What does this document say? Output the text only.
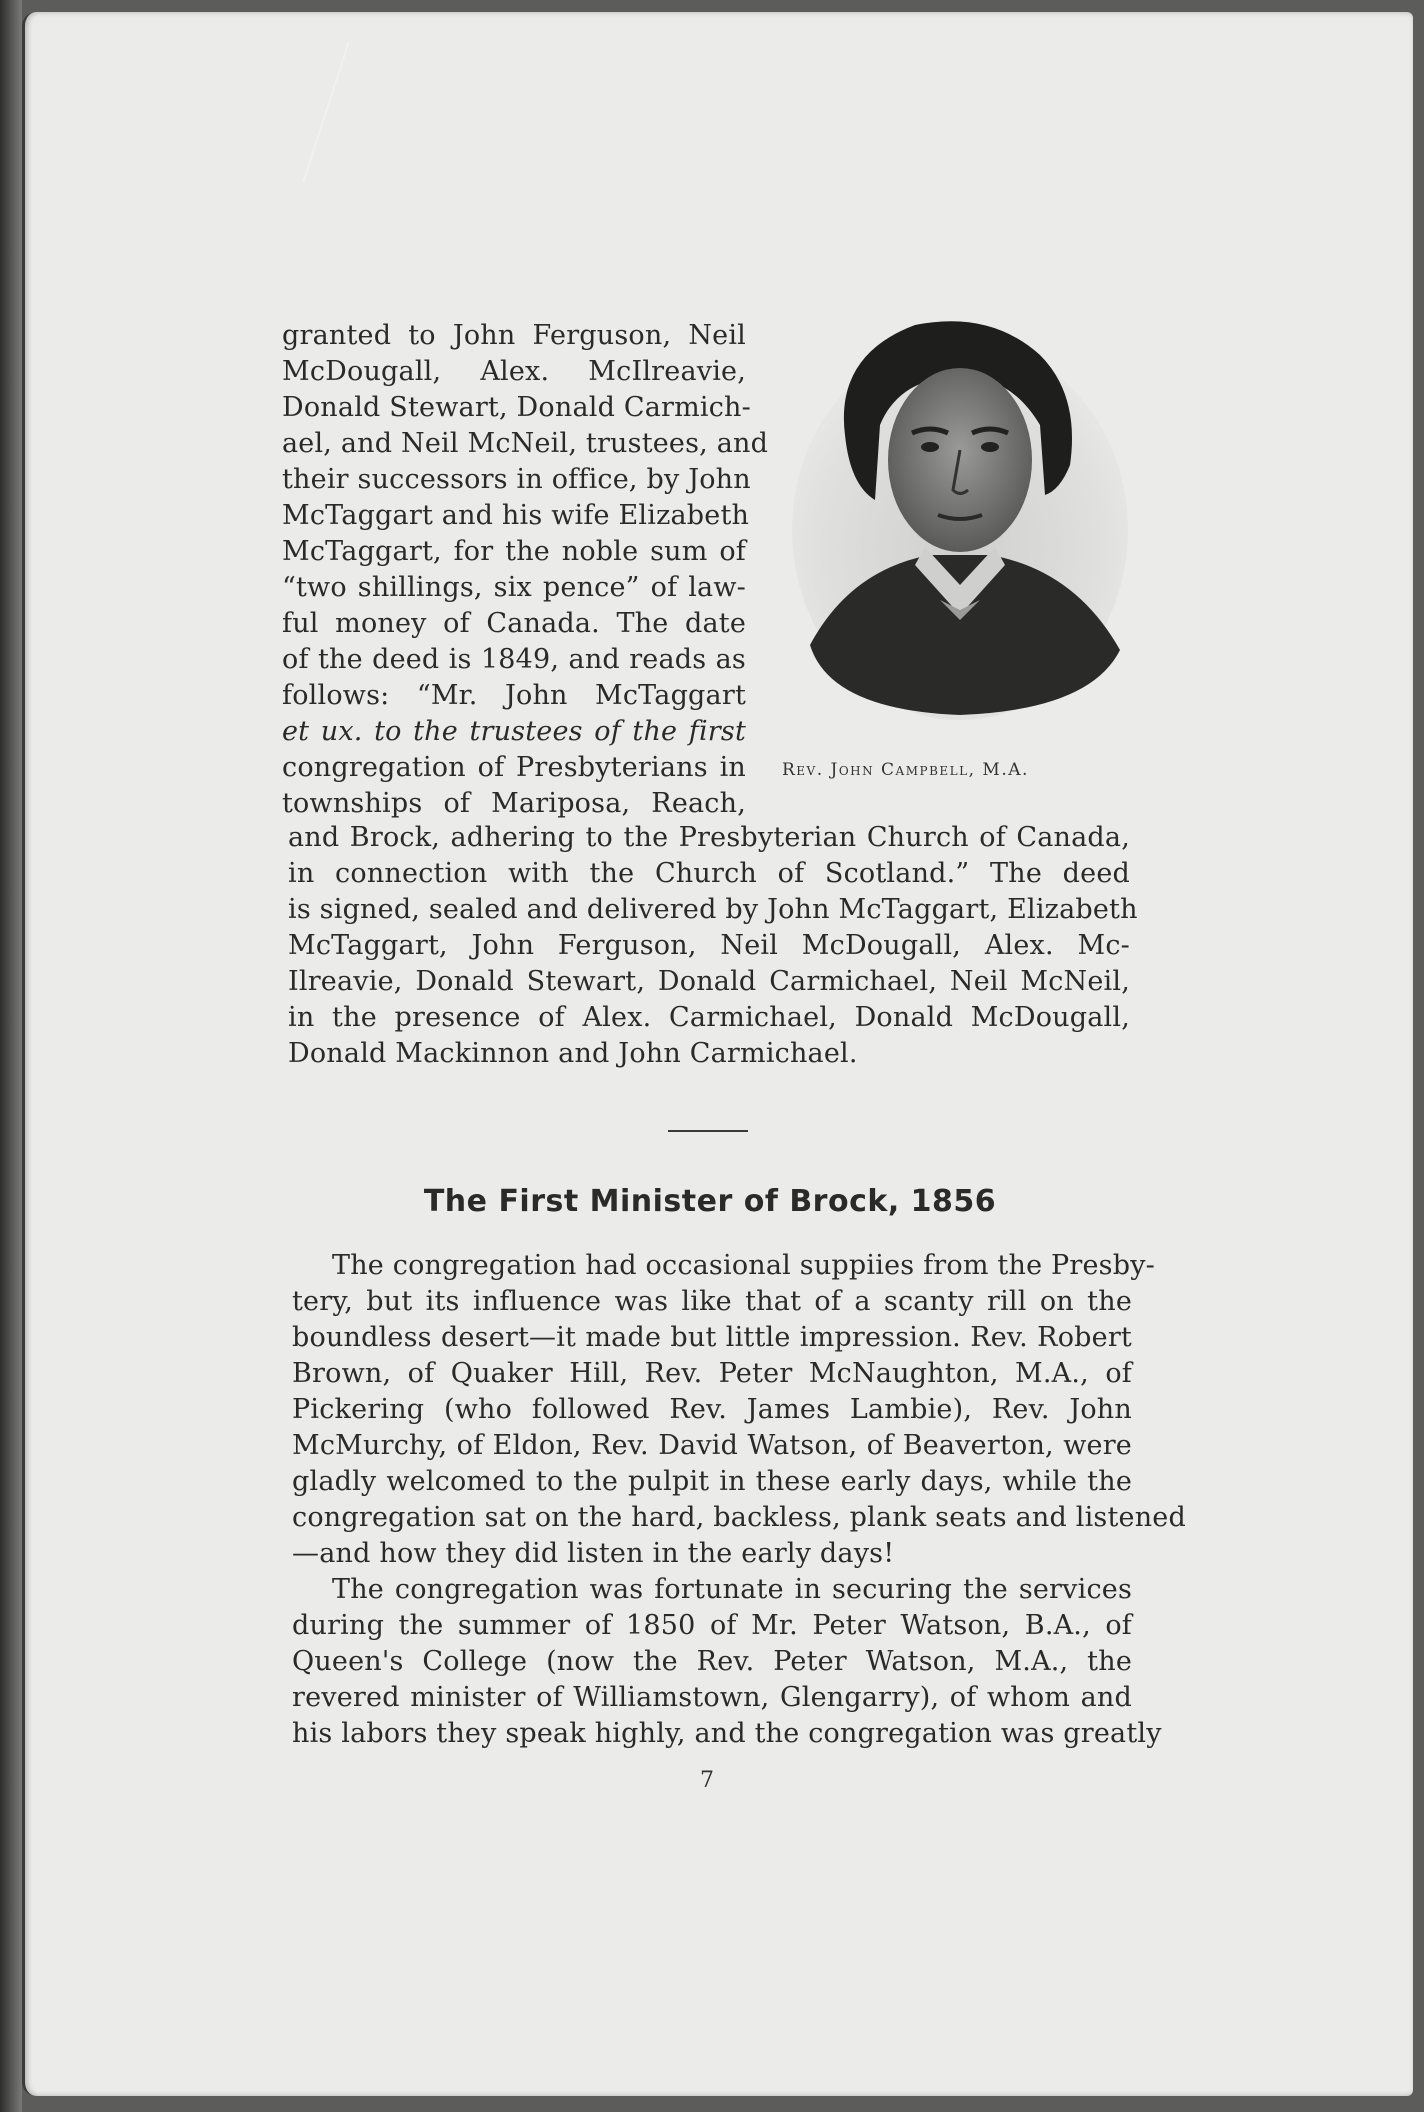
granted to John Ferguson, Neil
McDougall, Alex. McIlreavie,
Donald Stewart, Donald Carmich-
ael, and Neil McNeil, trustees, and
their successors in office, by John
McTaggart and his wife Elizabeth
McTaggart, for the noble sum of
“two shillings, six pence” of law-
ful money of Canada. The date
of the deed is 1849, and reads as
follows: “Mr. John McTaggart
et ux. to the trustees of the first
congregation of Presbyterians in
townships of Mariposa, Reach,
Rev. John Campbell, M.A.
and Brock, adhering to the Presbyterian Church of Canada,
in connection with the Church of Scotland.” The deed
is signed, sealed and delivered by John McTaggart, Elizabeth
McTaggart, John Ferguson, Neil McDougall, Alex. Mc-
Ilreavie, Donald Stewart, Donald Carmichael, Neil McNeil,
in the presence of Alex. Carmichael, Donald McDougall,
Donald Mackinnon and John Carmichael.
The First Minister of Brock, 1856
The congregation had occasional suppiies from the Presby-
tery, but its influence was like that of a scanty rill on the
boundless desert—it made but little impression. Rev. Robert
Brown, of Quaker Hill, Rev. Peter McNaughton, M.A., of
Pickering (who followed Rev. James Lambie), Rev. John
McMurchy, of Eldon, Rev. David Watson, of Beaverton, were
gladly welcomed to the pulpit in these early days, while the
congregation sat on the hard, backless, plank seats and listened
—and how they did listen in the early days!
The congregation was fortunate in securing the services
during the summer of 1850 of Mr. Peter Watson, B.A., of
Queen's College (now the Rev. Peter Watson, M.A., the
revered minister of Williamstown, Glengarry), of whom and
his labors they speak highly, and the congregation was greatly
7
